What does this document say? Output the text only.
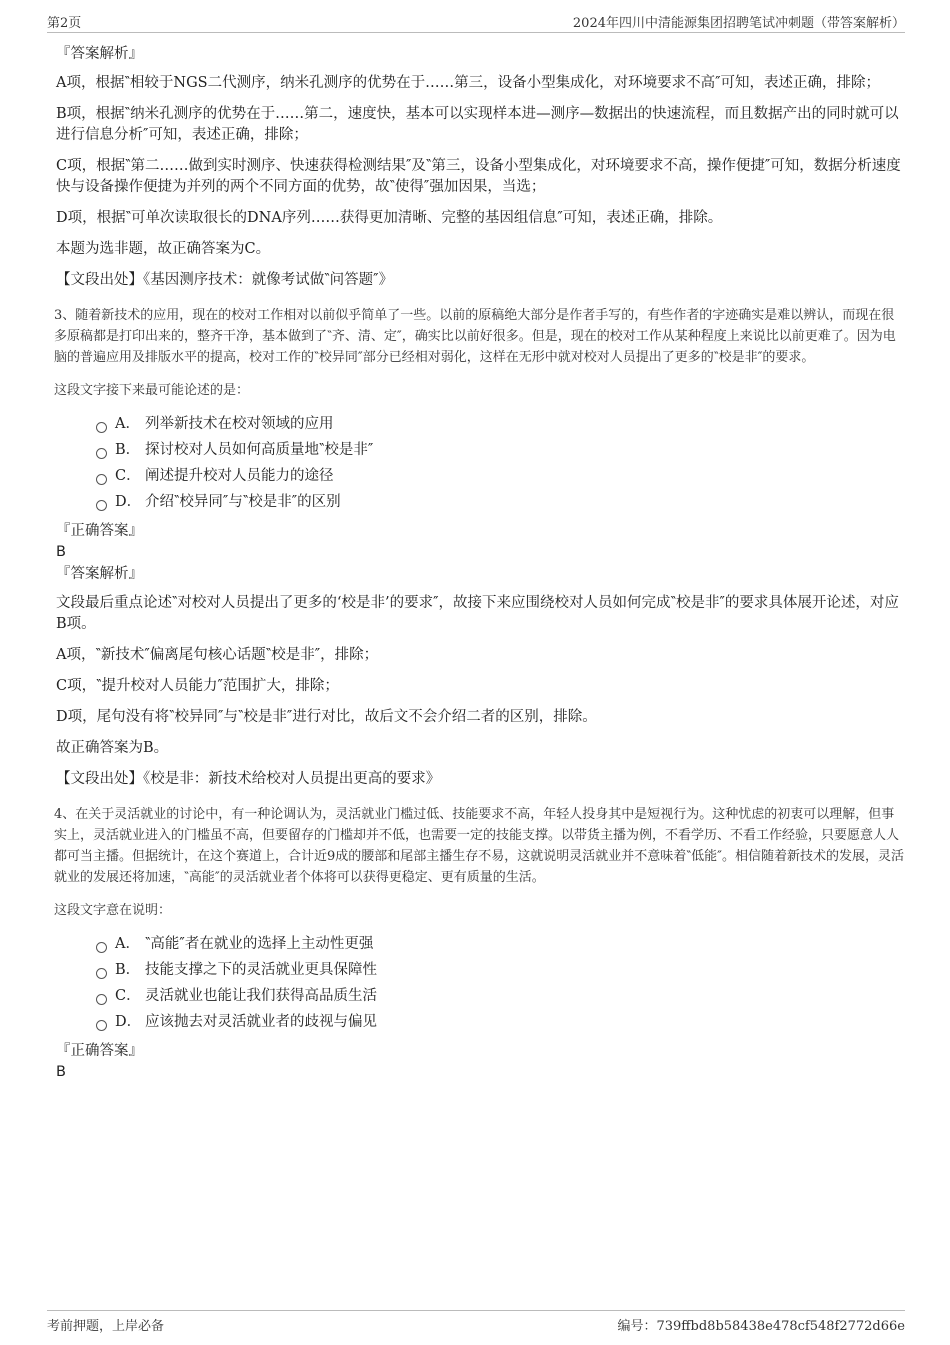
第2页	2024年四川中清能源集团招聘笔试冲刺题（带答案解析）

『答案解析』

A项，根据‶相较于NGS二代测序，纳米孔测序的优势在于……第三，设备小型集成化，对环境要求不高″可知，表述正确，排除；

B项，根据‶纳米孔测序的优势在于……第二，速度快，基本可以实现样本进—测序—数据出的快速流程，而且数据产出的同时就可以进行信息分析″可知，表述正确，排除；

C项，根据‶第二……做到实时测序、快速获得检测结果″及‶第三，设备小型集成化，对环境要求不高，操作便捷″可知，数据分析速度快与设备操作便捷为并列的两个不同方面的优势，故‶使得″强加因果，当选；

D项，根据‶可单次读取很长的DNA序列……获得更加清晰、完整的基因组信息″可知，表述正确，排除。

本题为选非题，故正确答案为C。

【文段出处】《基因测序技术：就像考试做‶问答题″》

3、随着新技术的应用，现在的校对工作相对以前似乎简单了一些。以前的原稿绝大部分是作者手写的，有些作者的字迹确实是难以辨认，而现在很多原稿都是打印出来的，整齐干净，基本做到了‶齐、清、定″，确实比以前好很多。但是，现在的校对工作从某种程度上来说比以前更难了。因为电脑的普遍应用及排版水平的提高，校对工作的‶校异同″部分已经相对弱化，这样在无形中就对校对人员提出了更多的‶校是非″的要求。

这段文字接下来最可能论述的是：

A． 列举新技术在校对领域的应用
B． 探讨校对人员如何高质量地‶校是非″
C． 阐述提升校对人员能力的途径
D． 介绍‶校异同″与‶校是非″的区别

『正确答案』

B

『答案解析』

文段最后重点论述‶对校对人员提出了更多的‘校是非’的要求″，故接下来应围绕校对人员如何完成‶校是非″的要求具体展开论述，对应B项。

A项，‶新技术″偏离尾句核心话题‶校是非″，排除；

C项，‶提升校对人员能力″范围扩大，排除；

D项，尾句没有将‶校异同″与‶校是非″进行对比，故后文不会介绍二者的区别，排除。

故正确答案为B。

【文段出处】《校是非：新技术给校对人员提出更高的要求》

4、在关于灵活就业的讨论中，有一种论调认为，灵活就业门槛过低、技能要求不高，年轻人投身其中是短视行为。这种忧虑的初衷可以理解，但事实上，灵活就业进入的门槛虽不高，但要留存的门槛却并不低，也需要一定的技能支撑。以带货主播为例，不看学历、不看工作经验，只要愿意人人都可当主播。但据统计，在这个赛道上，合计近9成的腰部和尾部主播生存不易，这就说明灵活就业并不意味着‶低能″。相信随着新技术的发展，灵活就业的发展还将加速，‶高能″的灵活就业者个体将可以获得更稳定、更有质量的生活。

这段文字意在说明：

A． ‶高能″者在就业的选择上主动性更强
B． 技能支撑之下的灵活就业更具保障性
C． 灵活就业也能让我们获得高品质生活
D． 应该抛去对灵活就业者的歧视与偏见

『正确答案』

B

考前押题，上岸必备	编号：739ffbd8b58438e478cf548f2772d66e
